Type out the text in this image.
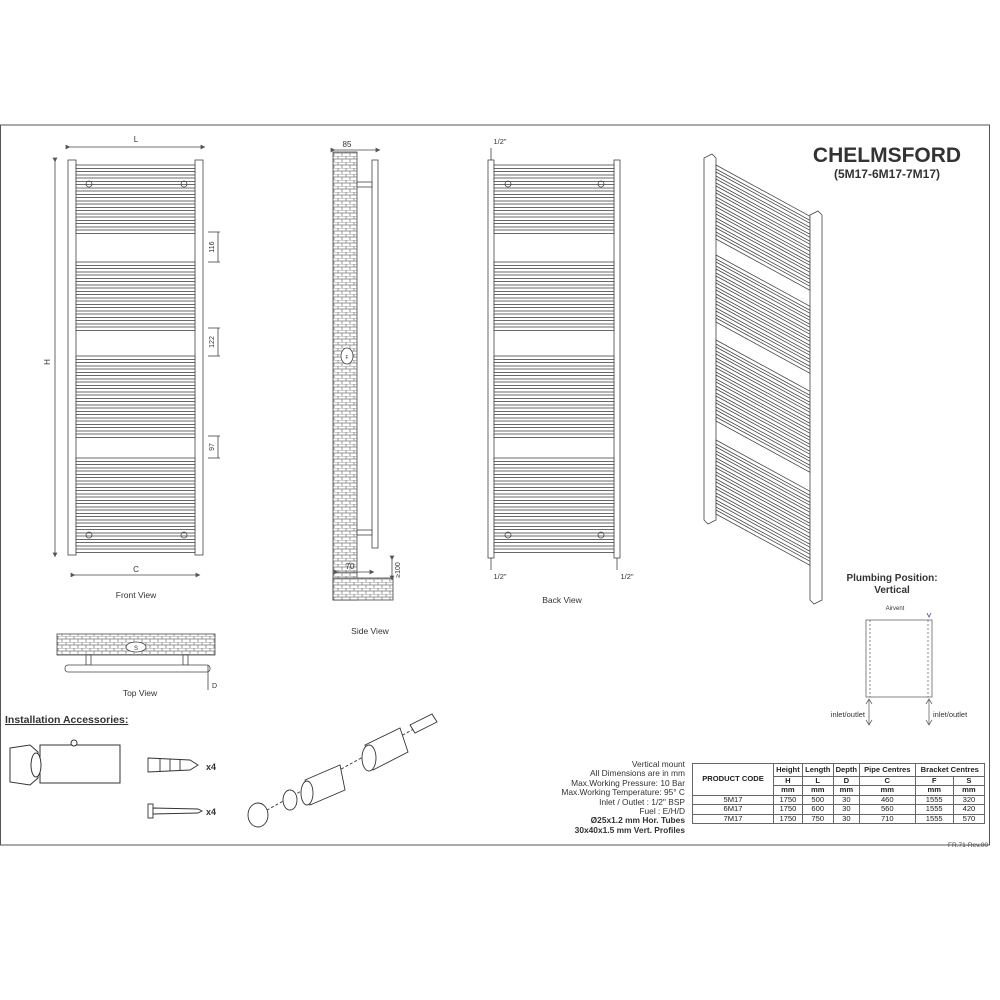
L
H
C
116
122
97
Front View
85
70	≥100
F
Side View
1/2"
1/2"	1/2"
Back View
CHELMSFORD
(5M17-6M17-7M17)
Plumbing Position:
Vertical
Airvent
inlet/outlet	inlet/outlet
S
D
Top View
Installation Accessories:
x4
x4
Vertical mount
All Dimensions are in mm
Max.Working Pressure: 10 Bar
Max.Working Temperature: 95° C
Inlet / Outlet : 1/2" BSP
Fuel : E/H/D
Ø25x1.2 mm Hor. Tubes
30x40x1.5 mm Vert. Profiles
PRODUCT CODE	Height	Length	Depth	Pipe Centres	Bracket Centres	
	H	L	D	C	F	S
	mm	mm	mm	mm	mm	mm
5M17	1750	500	30	460	1555	320
6M17	1750	600	30	560	1555	420
7M17	1750	750	30	710	1555	570
FR.71-Rev.00
